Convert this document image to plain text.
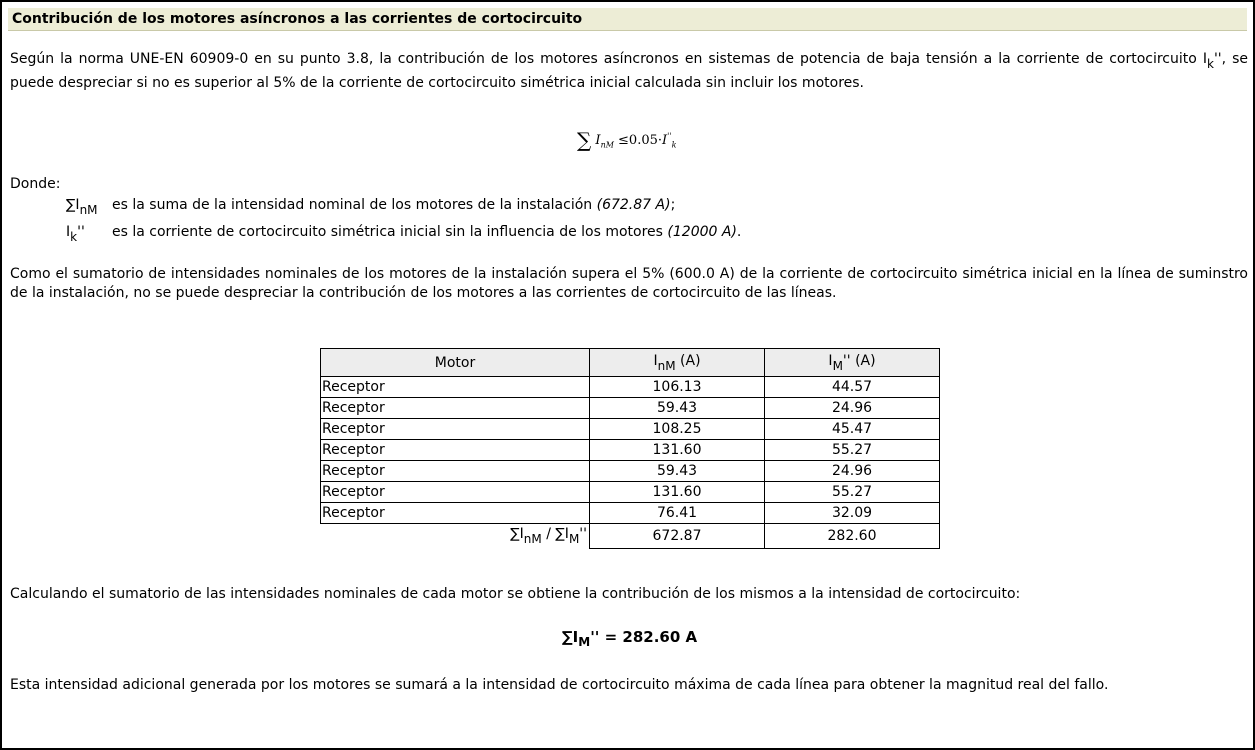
Contribución de los motores asíncronos a las corrientes de cortocircuito
Según la norma UNE-EN 60909-0 en su punto 3.8, la contribución de los motores asíncronos en sistemas de potencia de baja tensión a la corriente de cortocircuito $I_k''$, se puede despreciar si no es superior al 5% de la corriente de cortocircuito simétrica inicial calculada sin incluir los motores.
∑ $I_{nM} \le 0.05\cdot I''_k$
Donde:
$\sum I_{nM}$ es la suma de la intensidad nominal de los motores de la instalación (672.87 A);
$I_k''$ es la corriente de cortocircuito simétrica inicial sin la influencia de los motores (12000 A).
Como el sumatorio de intensidades nominales de los motores de la instalación supera el 5% (600.0 A) de la corriente de cortocircuito simétrica inicial en la línea de suminstro de la instalación, no se puede despreciar la contribución de los motores a las corrientes de cortocircuito de las líneas.
Motor	$I_{nM}$ (A)	$I_M''$ (A)
Receptor	106.13	44.57
Receptor	59.43	24.96
Receptor	108.25	45.47
Receptor	131.60	55.27
Receptor	59.43	24.96
Receptor	131.60	55.27
Receptor	76.41	32.09
$\sum I_{nM} / \sum I_M''$	672.87	282.60
Calculando el sumatorio de las intensidades nominales de cada motor se obtiene la contribución de los mismos a la intensidad de cortocircuito:
$\sum I_M'' = 282.60$ A
Esta intensidad adicional generada por los motores se sumará a la intensidad de cortocircuito máxima de cada línea para obtener la magnitud real del fallo.
